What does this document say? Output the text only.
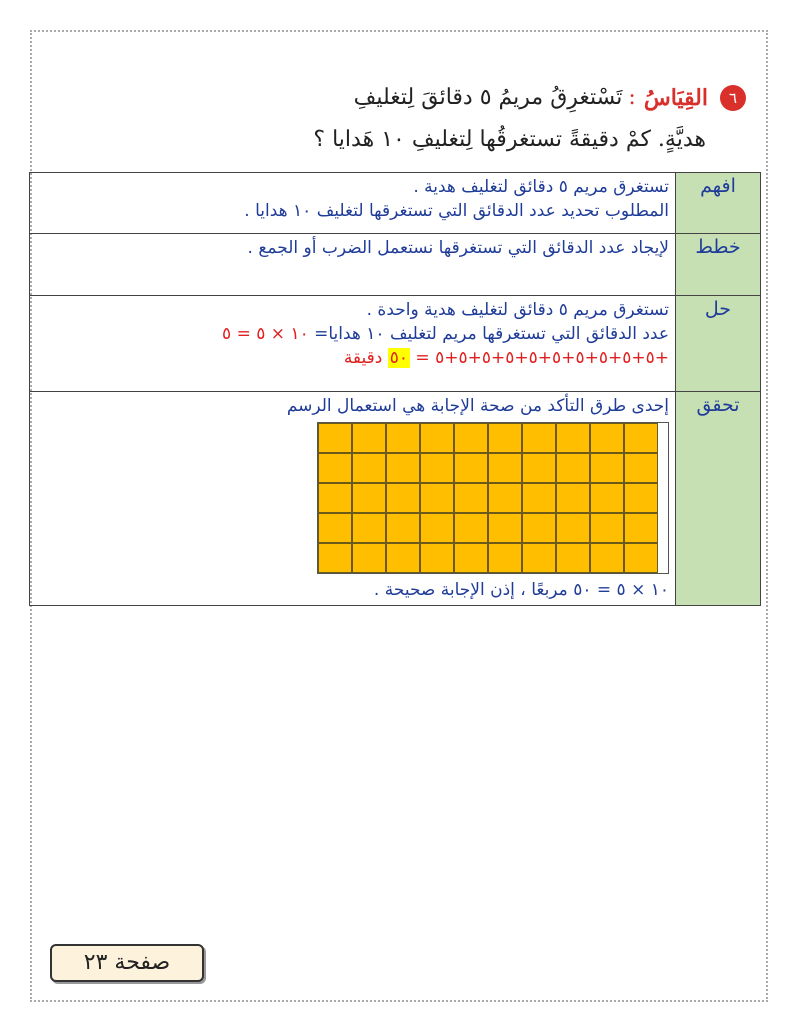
٦
القِيَاسُ
:
تَسْتغرِقُ مريمُ ٥ دقائقَ لِتغليفِ
هديَّةٍ. كمْ دقيقةً تستغرقُها لِتغليفِ ١٠ هَدايا ؟
افهم	تستغرق مريم ٥ دقائق لتغليف هدية .
المطلوب تحديد عدد الدقائق التي تستغرقها لتغليف ١٠ هدايا .

خطط	لإيجاد عدد الدقائق التي تستغرقها نستعمل الضرب أو الجمع .

حل	تستغرق مريم ٥ دقائق لتغليف هدية واحدة .
عدد الدقائق التي تستغرقها مريم لتغليف ١٠ هدايا= ١٠ × ٥ = ٥
+٥+٥+٥+٥+٥+٥+٥+٥+٥+٥ = ٥٠ دقيقة

تحقق	إحدى طرق التأكد من صحة الإجابة هي استعمال الرسم
١٠ × ٥ = ٥٠ مربعًا ، إذن الإجابة صحيحة .
صفحة ٢٣
